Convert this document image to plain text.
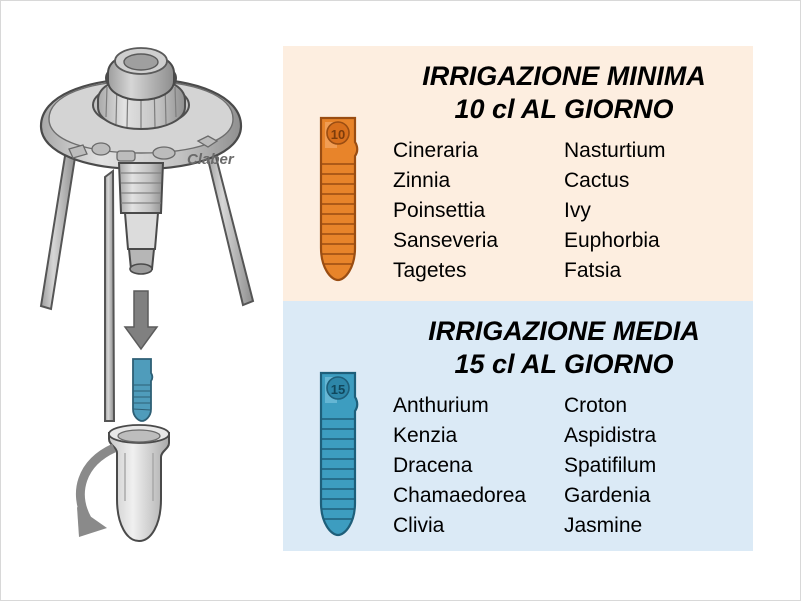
Claber
10
IRRIGAZIONE MINIMA
10 cl AL GIORNO
Cineraria
Zinnia
Poinsettia
Sanseveria
Tagetes
Nasturtium
Cactus
Ivy
Euphorbia
Fatsia
15
IRRIGAZIONE MEDIA
15 cl AL GIORNO
Anthurium
Kenzia
Dracena
Chamaedorea
Clivia
Croton
Aspidistra
Spatifilum
Gardenia
Jasmine
